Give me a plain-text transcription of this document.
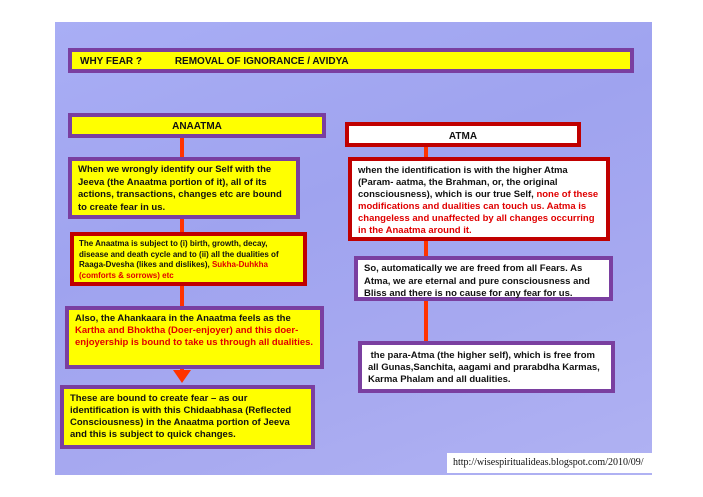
WHY FEAR ?	REMOVAL OF IGNORANCE / AVIDYA
ANAATMA
ATMA
When we wrongly identify our Self with the Jeeva (the Anaatma portion of it), all of its actions, transactions, changes etc are bound to create fear in us.
The Anaatma is subject to (i) birth, growth, decay, disease and death cycle and to (ii) all the dualities of Raaga-Dvesha (likes and dislikes), Sukha-Duhkha (comforts & sorrows) etc
Also, the Ahankaara in the Anaatma feels as the Kartha and Bhoktha (Doer-enjoyer) and this doer-enjoyership is bound to take us through all dualities.
These are bound to create fear – as our identification is with this Chidaabhasa (Reflected Consciousness) in the Anaatma portion of Jeeva and this is subject to quick changes.
when the identification is with the higher Atma (Param- aatma, the Brahman, or, the original consciousness), which is our true Self, none of these modifications and dualities can touch us. Aatma is changeless and unaffected by all changes occurring in the Anaatma around it.
So, automatically we are freed from all Fears. As Atma, we are eternal and pure consciousness and Bliss and there is no cause for any fear for us.
the para-Atma (the higher self), which is free from all Gunas,Sanchita, aagami and prarabdha Karmas, Karma Phalam and all dualities.
http://wisespiritualideas.blogspot.com/2010/09/
